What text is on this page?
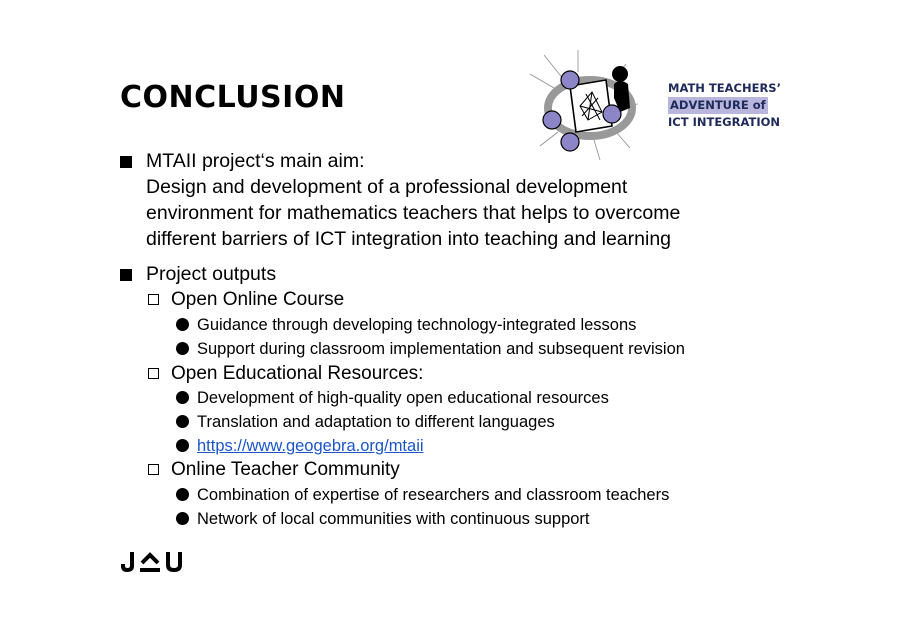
CONCLUSION	MATH TEACHERS’
ADVENTURE of
ICT INTEGRATION
MTAII project‘s main aim:
Design and development of a professional development
environment for mathematics teachers that helps to overcome
different barriers of ICT integration into teaching and learning
Project outputs
Open Online Course
Guidance through developing technology-integrated lessons
Support during classroom implementation and subsequent revision
Open Educational Resources:
Development of high-quality open educational resources
Translation and adaptation to different languages
https://www.geogebra.org/mtaii
Online Teacher Community
Combination of expertise of researchers and classroom teachers
Network of local communities with continuous support
